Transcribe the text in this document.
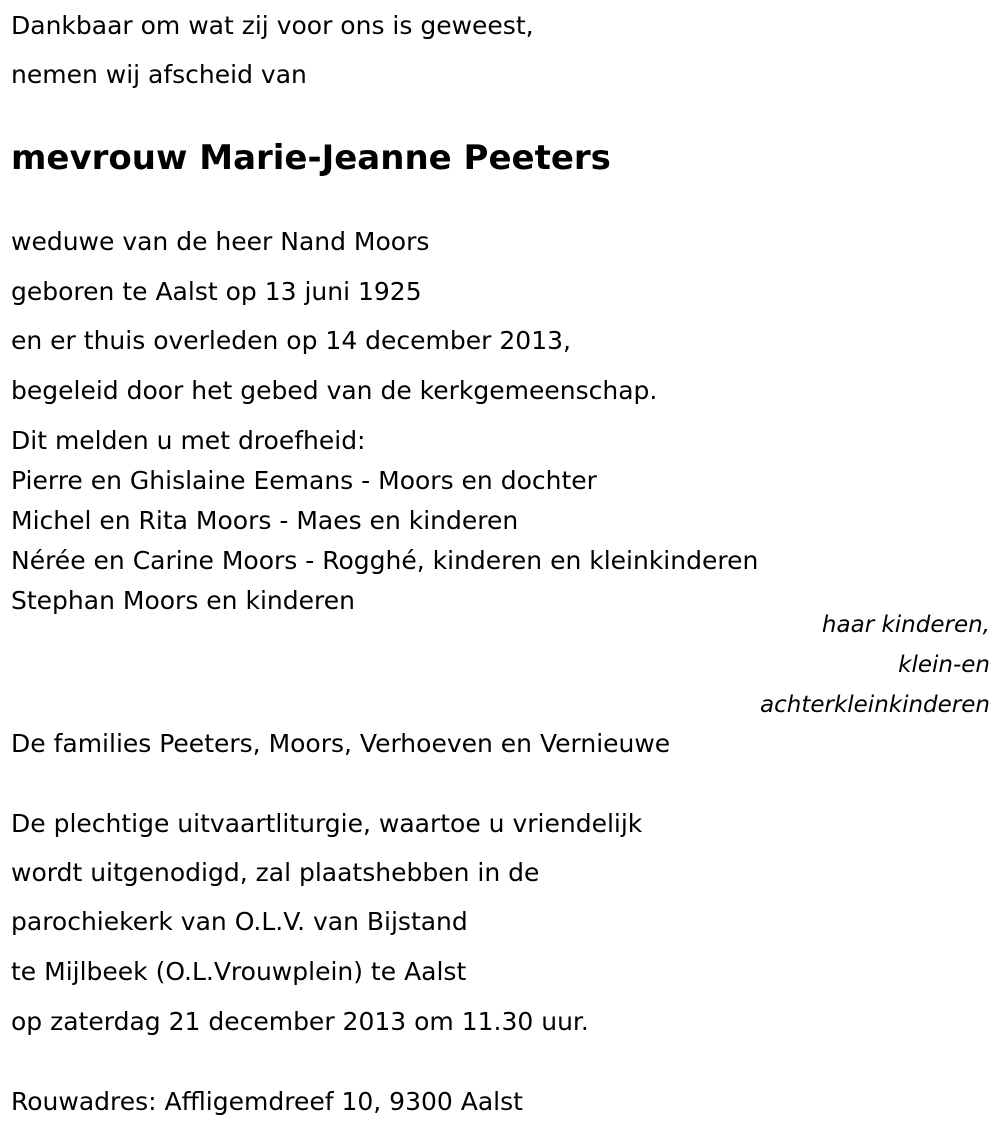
Dankbaar om wat zij voor ons is geweest,

nemen wij afscheid van

mevrouw Marie-Jeanne Peeters

weduwe van de heer Nand Moors

geboren te Aalst op 13 juni 1925

en er thuis overleden op 14 december 2013,

begeleid door het gebed van de kerkgemeenschap.

Dit melden u met droefheid:

Pierre en Ghislaine Eemans - Moors en dochter

Michel en Rita Moors - Maes en kinderen

Nérée en Carine Moors - Rogghé, kinderen en kleinkinderen

Stephan Moors en kinderen

haar kinderen,

klein-en

achterkleinkinderen

De families Peeters, Moors, Verhoeven en Vernieuwe

De plechtige uitvaartliturgie, waartoe u vriendelijk

wordt uitgenodigd, zal plaatshebben in de

parochiekerk van O.L.V. van Bijstand

te Mijlbeek (O.L.Vrouwplein) te Aalst

op zaterdag 21 december 2013 om 11.30 uur.

Rouwadres: Affligemdreef 10, 9300 Aalst
